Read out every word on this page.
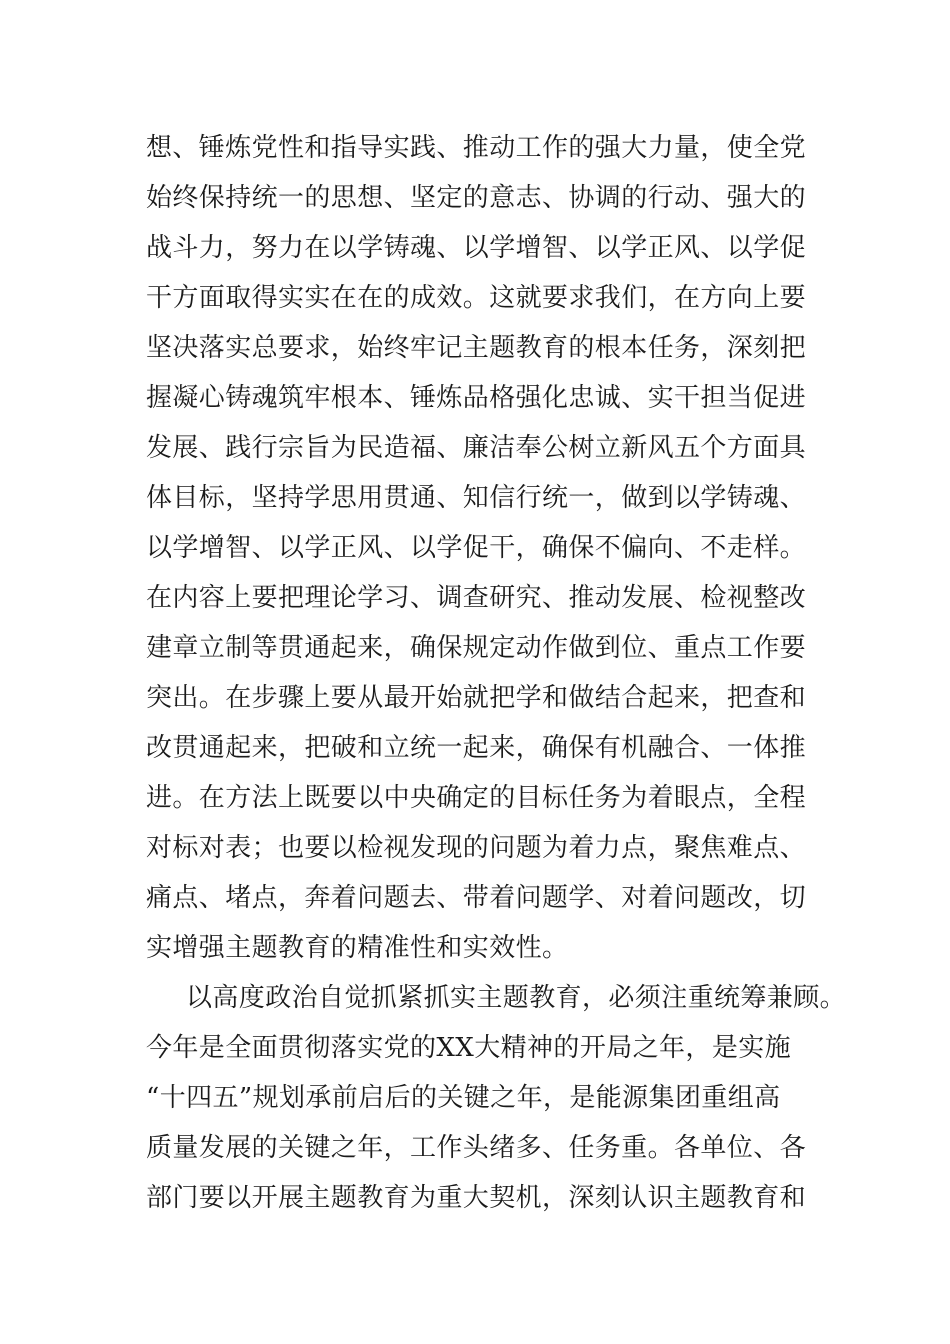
想、锤炼党性和指导实践、推动工作的强大力量，使全党
始终保持统一的思想、坚定的意志、协调的行动、强大的
战斗力，努力在以学铸魂、以学增智、以学正风、以学促
干方面取得实实在在的成效。这就要求我们，在方向上要
坚决落实总要求，始终牢记主题教育的根本任务，深刻把
握凝心铸魂筑牢根本、锤炼品格强化忠诚、实干担当促进
发展、践行宗旨为民造福、廉洁奉公树立新风五个方面具
体目标，坚持学思用贯通、知信行统一，做到以学铸魂、
以学增智、以学正风、以学促干，确保不偏向、不走样。
在内容上要把理论学习、调查研究、推动发展、检视整改
建章立制等贯通起来，确保规定动作做到位、重点工作要
突出。在步骤上要从最开始就把学和做结合起来，把查和
改贯通起来，把破和立统一起来，确保有机融合、一体推
进。在方法上既要以中央确定的目标任务为着眼点，全程
对标对表；也要以检视发现的问题为着力点，聚焦难点、
痛点、堵点，奔着问题去、带着问题学、对着问题改，切
实增强主题教育的精准性和实效性。
以高度政治自觉抓紧抓实主题教育，必须注重统筹兼顾。
今年是全面贯彻落实党的XX大精神的开局之年，是实施
“十四五”规划承前启后的关键之年，是能源集团重组高
质量发展的关键之年，工作头绪多、任务重。各单位、各
部门要以开展主题教育为重大契机，深刻认识主题教育和
